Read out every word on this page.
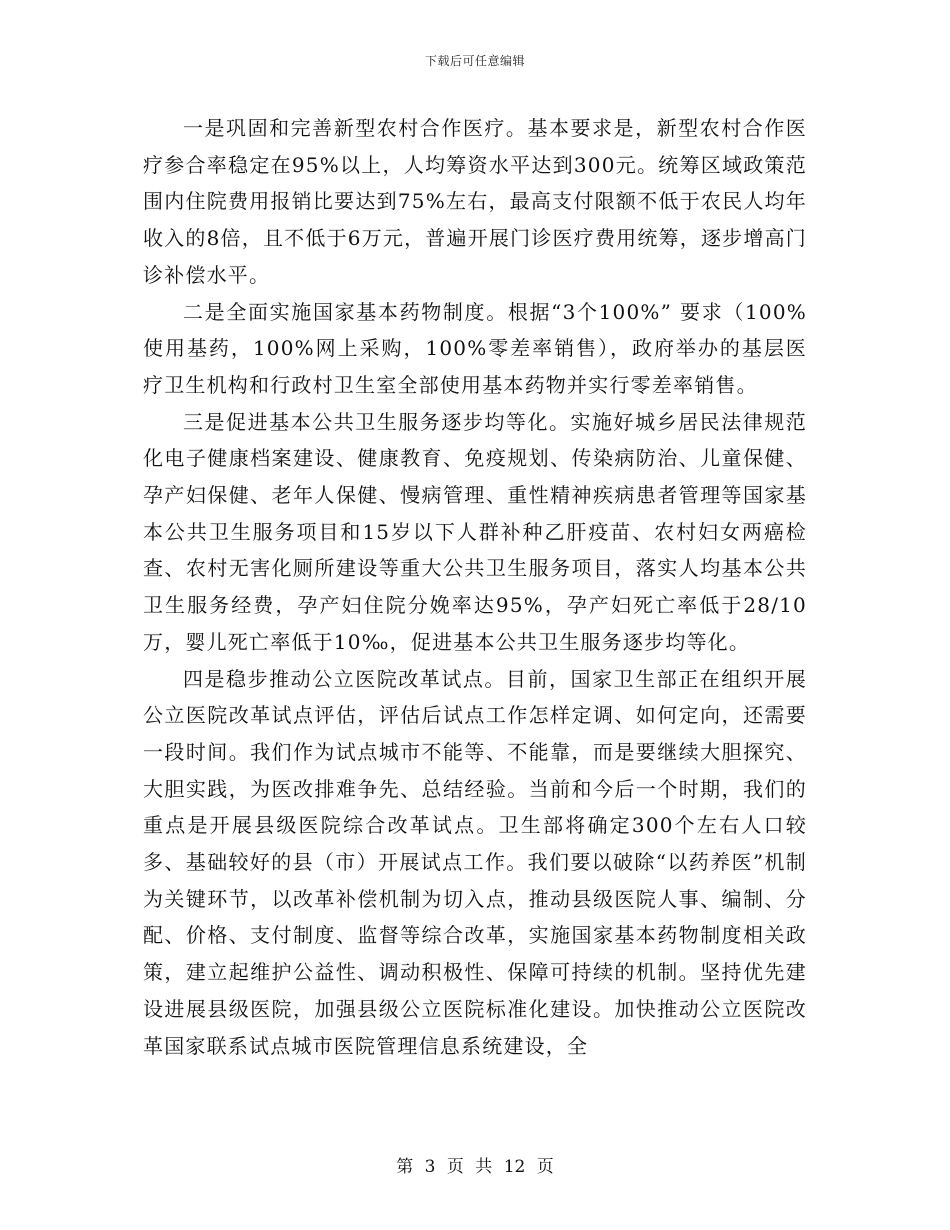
下载后可任意编辑

一是巩固和完善新型农村合作医疗。基本要求是，新型农村合作医疗参合率稳定在95%以上，人均筹资水平达到300元。统筹区域政策范围内住院费用报销比要达到75%左右，最高支付限额不低于农民人均年收入的8倍，且不低于6万元，普遍开展门诊医疗费用统筹，逐步增高门诊补偿水平。

二是全面实施国家基本药物制度。根据“3个100%” 要求（100%使用基药，100%网上采购，100%零差率销售），政府举办的基层医疗卫生机构和行政村卫生室全部使用基本药物并实行零差率销售。

三是促进基本公共卫生服务逐步均等化。实施好城乡居民法律规范化电子健康档案建设、健康教育、免疫规划、传染病防治、儿童保健、孕产妇保健、老年人保健、慢病管理、重性精神疾病患者管理等国家基本公共卫生服务项目和15岁以下人群补种乙肝疫苗、农村妇女两癌检查、农村无害化厕所建设等重大公共卫生服务项目，落实人均基本公共卫生服务经费，孕产妇住院分娩率达95%，孕产妇死亡率低于28/10万，婴儿死亡率低于10‰，促进基本公共卫生服务逐步均等化。

四是稳步推动公立医院改革试点。目前，国家卫生部正在组织开展公立医院改革试点评估，评估后试点工作怎样定调、如何定向，还需要一段时间。我们作为试点城市不能等、不能靠，而是要继续大胆探究、大胆实践，为医改排难争先、总结经验。当前和今后一个时期，我们的重点是开展县级医院综合改革试点。卫生部将确定300个左右人口较多、基础较好的县（市）开展试点工作。我们要以破除“以药养医”机制为关键环节，以改革补偿机制为切入点，推动县级医院人事、编制、分配、价格、支付制度、监督等综合改革，实施国家基本药物制度相关政策，建立起维护公益性、调动积极性、保障可持续的机制。坚持优先建设进展县级医院，加强县级公立医院标准化建设。加快推动公立医院改革国家联系试点城市医院管理信息系统建设，全

第 3 页 共 12 页
